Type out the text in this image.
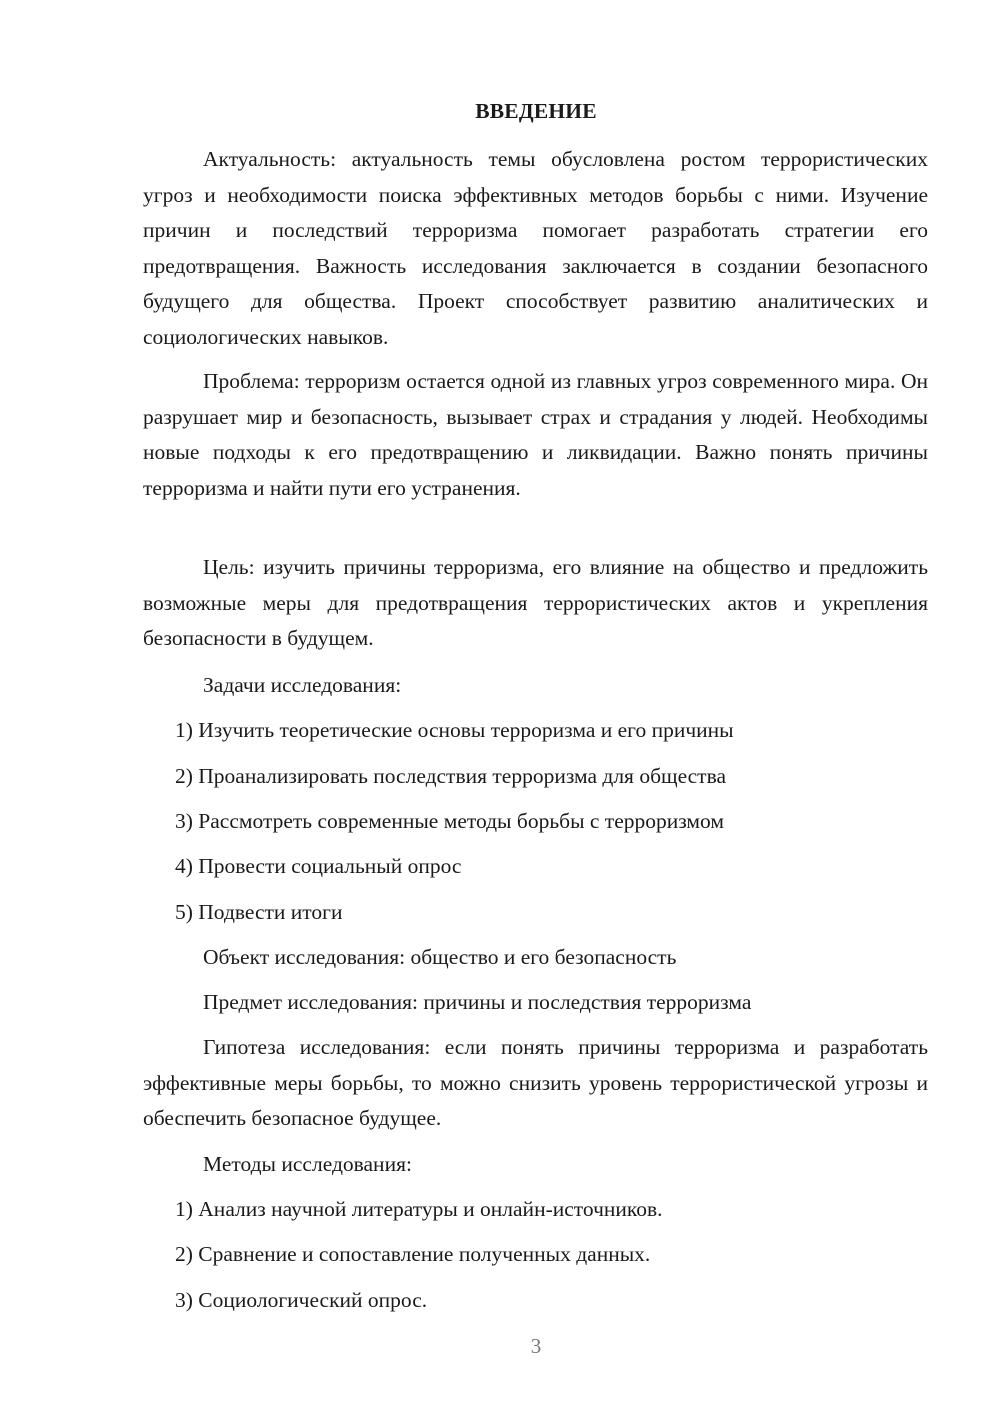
ВВЕДЕНИЕ

Актуальность: актуальность темы обусловлена ростом террористических угроз и необходимости поиска эффективных методов борьбы с ними. Изучение причин и последствий терроризма помогает разработать стратегии его предотвращения. Важность исследования заключается в создании безопасного будущего для общества. Проект способствует развитию аналитических и социологических навыков.

Проблема: терроризм остается одной из главных угроз современного мира. Он разрушает мир и безопасность, вызывает страх и страдания у людей. Необходимы новые подходы к его предотвращению и ликвидации. Важно понять причины терроризма и найти пути его устранения.

Цель: изучить причины терроризма, его влияние на общество и предложить возможные меры для предотвращения террористических актов и укрепления безопасности в будущем.

Задачи исследования:

1) Изучить теоретические основы терроризма и его причины

2) Проанализировать последствия терроризма для общества

3) Рассмотреть современные методы борьбы с терроризмом

4) Провести социальный опрос

5) Подвести итоги

Объект исследования: общество и его безопасность

Предмет исследования: причины и последствия терроризма

Гипотеза исследования: если понять причины терроризма и разработать эффективные меры борьбы, то можно снизить уровень террористической угрозы и обеспечить безопасное будущее.

Методы исследования:

1) Анализ научной литературы и онлайн-источников.

2) Сравнение и сопоставление полученных данных.

3) Социологический опрос.

3
